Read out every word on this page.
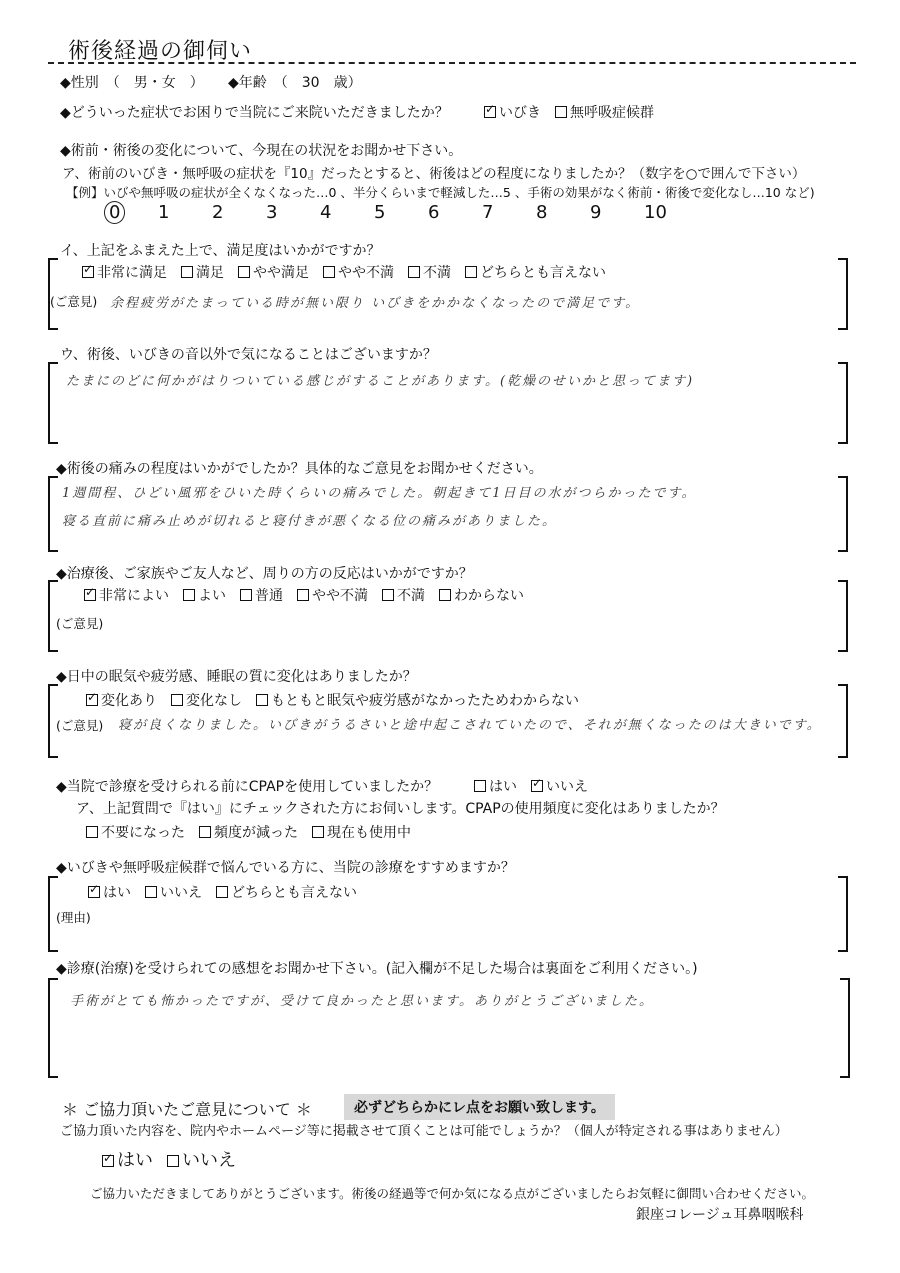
術後経過の御伺い
◆性別　（　男・女　） ◆年齢　（　30　歳）
◆どういった症状でお困りで当院にご来院いただきましたか？ ✓	いびき 無呼吸症候群
◆術前・術後の変化について、今現在の状況をお聞かせ下さい。
ア、術前のいびき・無呼吸の症状を『10』だったとすると、術後はどの程度になりましたか？（数字を○で囲んで下さい）
【例】いびや無呼吸の症状が全くなくなった…0 、半分くらいまで軽減した…5 、手術の効果がなく術前・術後で変化なし…10 など)
0 1 2 3 4 5 6 7 8 9 10
イ、上記をふまえた上で、満足度はいかがですか？
✓非常に満足 満足 やや満足 やや不満 不満 どちらとも言えない
(ご意見) 余程疲労がたまっている時が無い限り いびきをかかなくなったので満足です。
ウ、術後、いびきの音以外で気になることはございますか？
たまにのどに何かがはりついている感じがすることがあります。(乾燥のせいかと思ってます)
◆術後の痛みの程度はいかがでしたか？具体的なご意見をお聞かせください。
1週間程、ひどい風邪をひいた時くらいの痛みでした。朝起きて1日目の水がつらかったです。
寝る直前に痛み止めが切れると寝付きが悪くなる位の痛みがありました。
◆治療後、ご家族やご友人など、周りの方の反応はいかがですか？
✓非常によい よい 普通 やや不満 不満 わからない
(ご意見)
◆日中の眠気や疲労感、睡眠の質に変化はありましたか？
✓変化あり 変化なし もともと眠気や疲労感がなかったためわからない
(ご意見) 寝が良くなりました。いびきがうるさいと途中起こされていたので、それが無くなったのは大きいです。
◆当院で診療を受けられる前にCPAPを使用していましたか？	はい ✓ いいえ
ア、上記質問で『はい』にチェックされた方にお伺いします。CPAPの使用頻度に変化はありましたか？
不要になった 頻度が減った 現在も使用中
◆いびきや無呼吸症候群で悩んでいる方に、当院の診療をすすめますか？
✓はい いいえ どちらとも言えない
(理由)
◆診療(治療)を受けられての感想をお聞かせ下さい。(記入欄が不足した場合は裏面をご利用ください。)
手術がとても怖かったですが、受けて良かったと思います。ありがとうございました。
＊ ご協力頂いたご意見について ＊	必ずどちらかにレ点をお願い致します。
ご協力頂いた内容を、院内やホームページ等に掲載させて頂くことは可能でしょうか？（個人が特定される事はありません）
✓はい いいえ
ご協力いただきましてありがとうございます。術後の経過等で何か気になる点がございましたらお気軽に御問い合わせください。
銀座コレージュ耳鼻咽喉科
